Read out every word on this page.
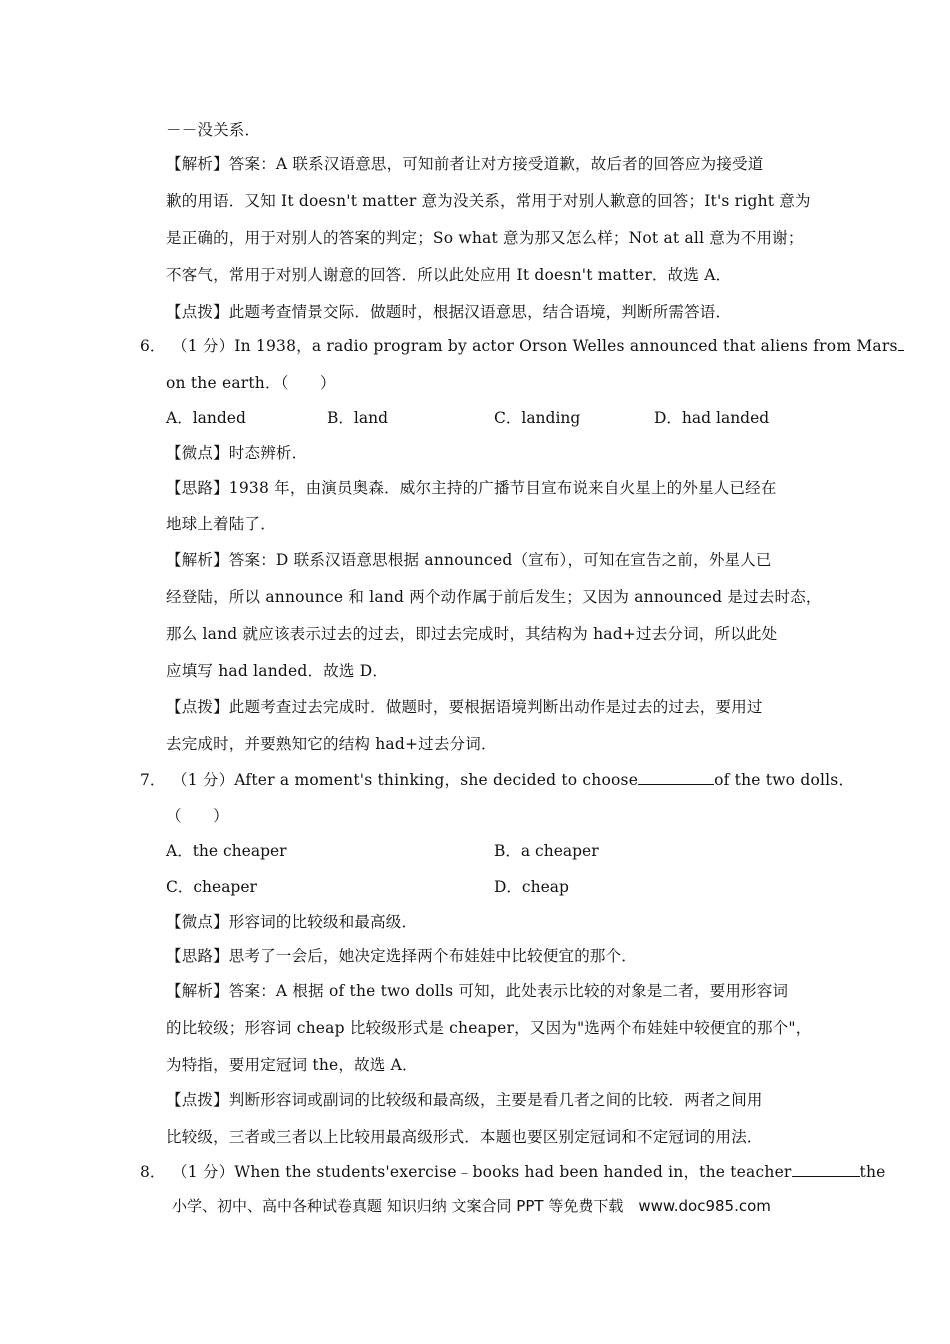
－－没关系．
【解析】答案：A 联系汉语意思，可知前者让对方接受道歉，故后者的回答应为接受道
歉的用语．又知 It doesn't matter 意为没关系，常用于对别人歉意的回答；It's right 意为
是正确的，用于对别人的答案的判定；So what 意为那又怎么样；Not at all 意为不用谢；
不客气，常用于对别人谢意的回答．所以此处应用 It doesn't matter．故选 A．
【点拨】此题考查情景交际．做题时，根据汉语意思，结合语境，判断所需答语．
6． （1 分）In 1938，a radio program by actor Orson Welles announced that aliens from Mars
on the earth．（　　）
A．landed	B．land	C．landing	D．had landed
【微点】时态辨析．
【思路】1938 年，由演员奥森．威尔主持的广播节目宣布说来自火星上的外星人已经在
地球上着陆了．
【解析】答案：D 联系汉语意思根据 announced（宣布），可知在宣告之前，外星人已
经登陆，所以 announce 和 land 两个动作属于前后发生；又因为 announced 是过去时态，
那么 land 就应该表示过去的过去，即过去完成时，其结构为 had+过去分词，所以此处
应填写 had landed．故选 D．
【点拨】此题考查过去完成时．做题时，要根据语境判断出动作是过去的过去，要用过
去完成时，并要熟知它的结构 had+过去分词．
7． （1 分）After a moment's thinking，she decided to choose	of the two dolls．
（　　）
A．the cheaper	B．a cheaper
C．cheaper	D．cheap
【微点】形容词的比较级和最高级．
【思路】思考了一会后，她决定选择两个布娃娃中比较便宜的那个．
【解析】答案：A 根据 of the two dolls 可知，此处表示比较的对象是二者，要用形容词
的比较级；形容词 cheap 比较级形式是 cheaper，又因为"选两个布娃娃中较便宜的那个"，
为特指，要用定冠词 the，故选 A．
【点拨】判断形容词或副词的比较级和最高级，主要是看几者之间的比较．两者之间用
比较级，三者或三者以上比较用最高级形式．本题也要区别定冠词和不定冠词的用法．
8． （1 分）When the students'exercise﹣books had been handed in，the teacher	the
小学、初中、高中各种试卷真题 知识归纳 文案合同 PPT 等免费下载　www.doc985.com
